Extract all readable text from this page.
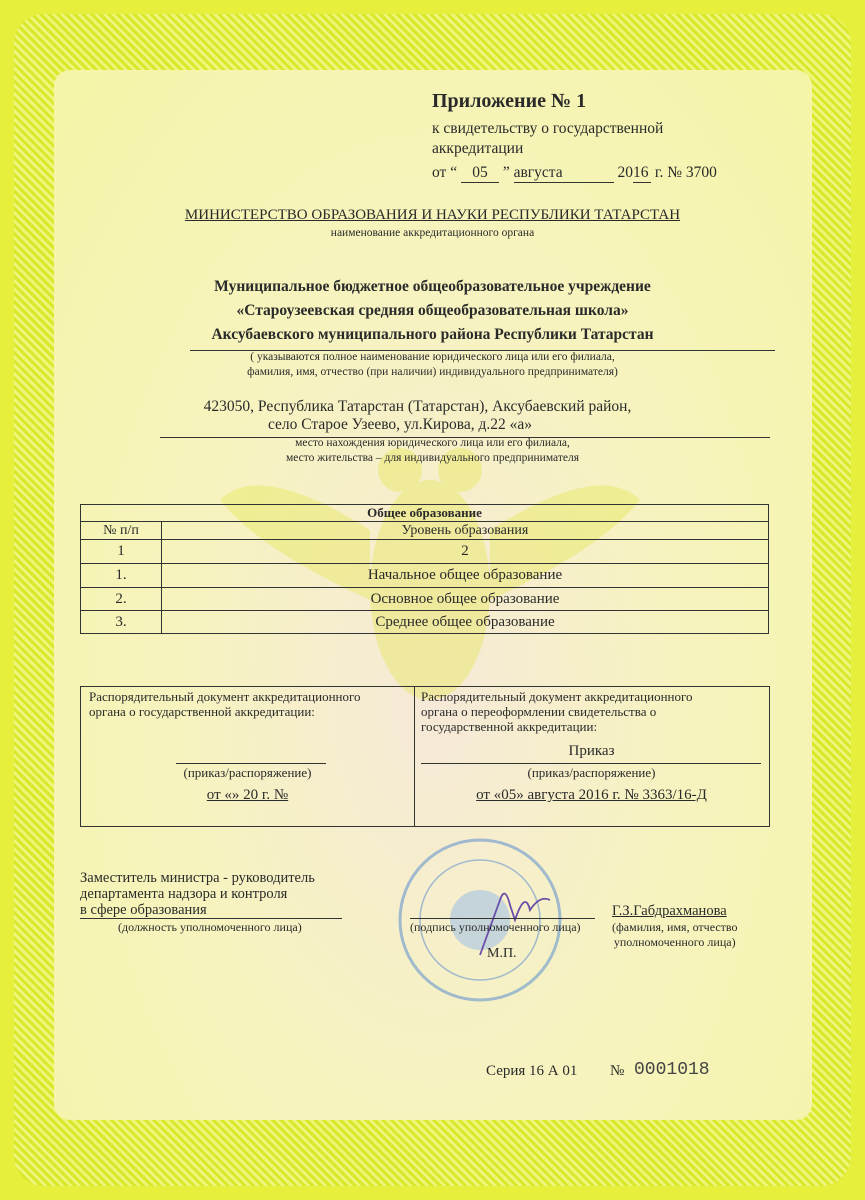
Приложение № 1
к свидетельству о государственной
аккредитации
от “ 05 ” августа	2016 г. № 3700
МИНИСТЕРСТВО ОБРАЗОВАНИЯ И НАУКИ РЕСПУБЛИКИ ТАТАРСТАН
наименование аккредитационного органа
Муниципальное бюджетное общеобразовательное учреждение
«Староузеевская средняя общеобразовательная школа»
Аксубаевского муниципального района Республики Татарстан
( указываются полное наименование юридического лица или его филиала,
фамилия, имя, отчество (при наличии) индивидуального предпринимателя)
423050, Республика Татарстан (Татарстан), Аксубаевский район,
село Старое Узеево, ул.Кирова, д.22 «а»
место нахождения юридического лица или его филиала,
место жительства – для индивидуального предпринимателя
Общее образование	
№ п/п	Уровень образования
1	2
1.	Начальное общее образование
2.	Основное общее образование
3.	Среднее общее образование
Распорядительный документ аккредитационного
органа о государственной аккредитации:
(приказ/распоряжение)
от «» 20 г. №
Распорядительный документ аккредитационного
органа о переоформлении свидетельства о
государственной аккредитации:
Приказ
(приказ/распоряжение)
от «05» августа 2016 г. № 3363/16-Д
Заместитель министра - руководитель
департамента надзора и контроля
в сфере образования
(должность уполномоченного лица)	(подпись уполномоченного лица)
М.П.
Г.З.Габдрахманова
(фамилия, имя, отчество
уполномоченного лица)
Серия 16 А 01 № 0001018
